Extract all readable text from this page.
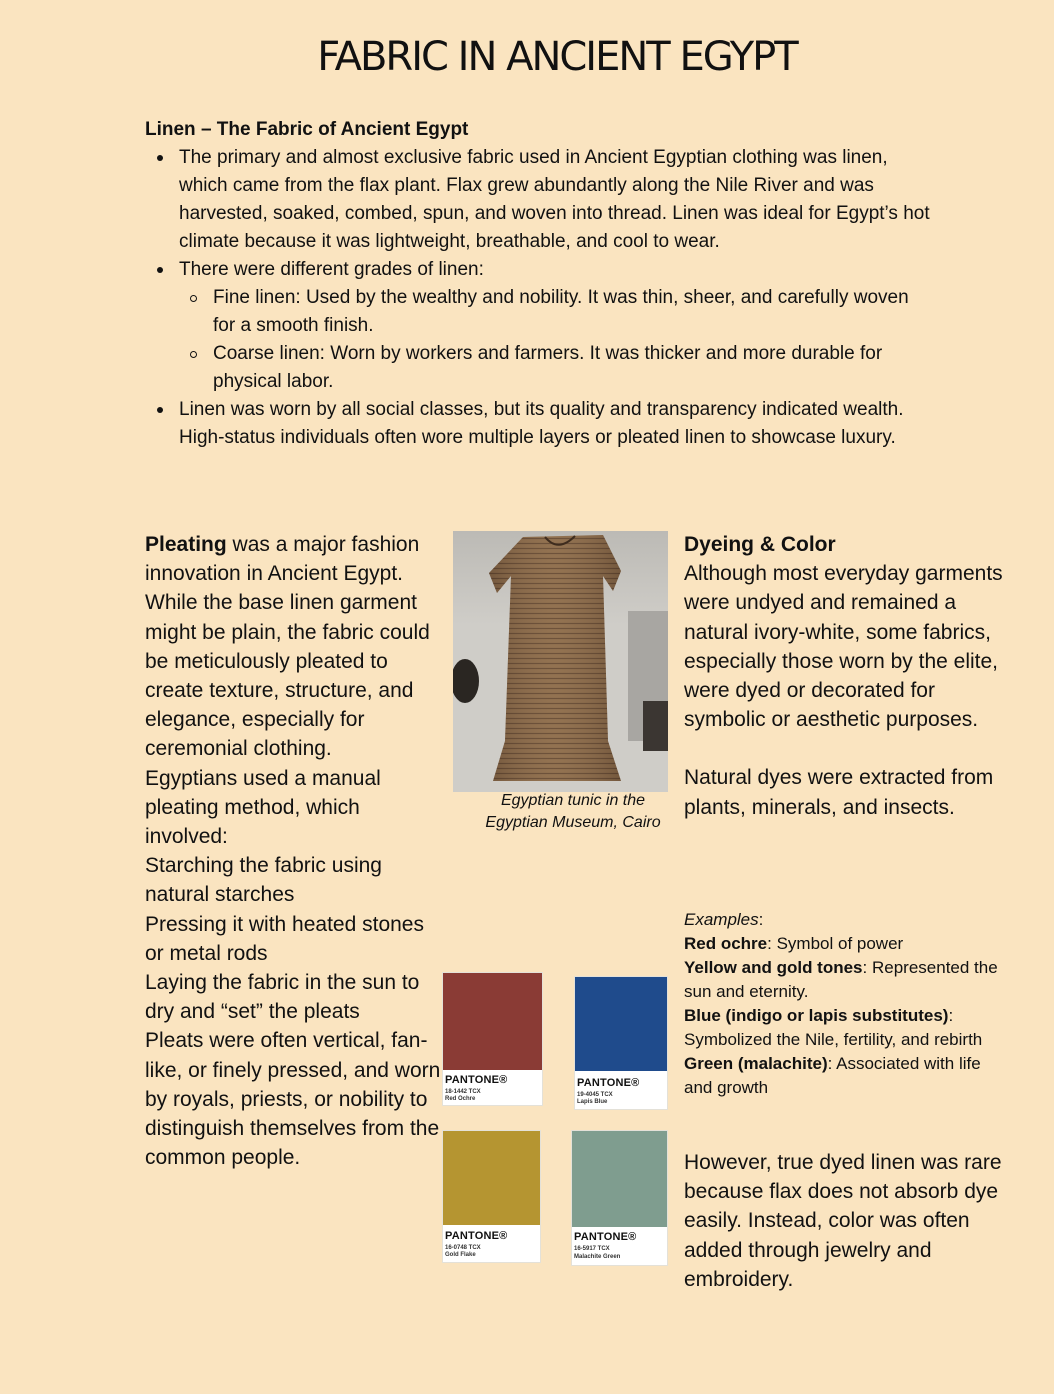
FABRIC IN ANCIENT EGYPT
Linen – The Fabric of Ancient Egypt
The primary and almost exclusive fabric used in Ancient Egyptian clothing was linen, which came from the flax plant. Flax grew abundantly along the Nile River and was harvested, soaked, combed, spun, and woven into thread. Linen was ideal for Egypt’s hot climate because it was lightweight, breathable, and cool to wear.
There were different grades of linen:
Fine linen: Used by the wealthy and nobility. It was thin, sheer, and carefully woven for a smooth finish.
Coarse linen: Worn by workers and farmers. It was thicker and more durable for physical labor.
Linen was worn by all social classes, but its quality and transparency indicated wealth. High-status individuals often wore multiple layers or pleated linen to showcase luxury.

Pleating was a major fashion innovation in Ancient Egypt. While the base linen garment might be plain, the fabric could be meticulously pleated to create texture, structure, and elegance, especially for ceremonial clothing.

Egyptians used a manual pleating method, which involved:

Starching the fabric using natural starches

Pressing it with heated stones or metal rods

Laying the fabric in the sun to dry and “set” the pleats

Pleats were often vertical, fan-like, or finely pressed, and worn by royals, priests, or nobility to distinguish themselves from the common people.

Egyptian tunic in the
Egyptian Museum, Cairo
Dyeing & Color

Although most everyday garments were undyed and remained a natural ivory-white, some fabrics, especially those worn by the elite, were dyed or decorated for symbolic or aesthetic purposes.

Natural dyes were extracted from plants, minerals, and insects.

Examples:

Red ochre: Symbol of power

Yellow and gold tones: Represented the sun and eternity.

Blue (indigo or lapis substitutes): Symbolized the Nile, fertility, and rebirth

Green (malachite): Associated with life and growth

However, true dyed linen was rare because flax does not absorb dye easily. Instead, color was often added through jewelry and embroidery.

PANTONE®
18-1442 TCX
Red Ochre
PANTONE®
19-4045 TCX
Lapis Blue
PANTONE®
16-0748 TCX
Gold Flake
PANTONE®
16-5917 TCX
Malachite Green
